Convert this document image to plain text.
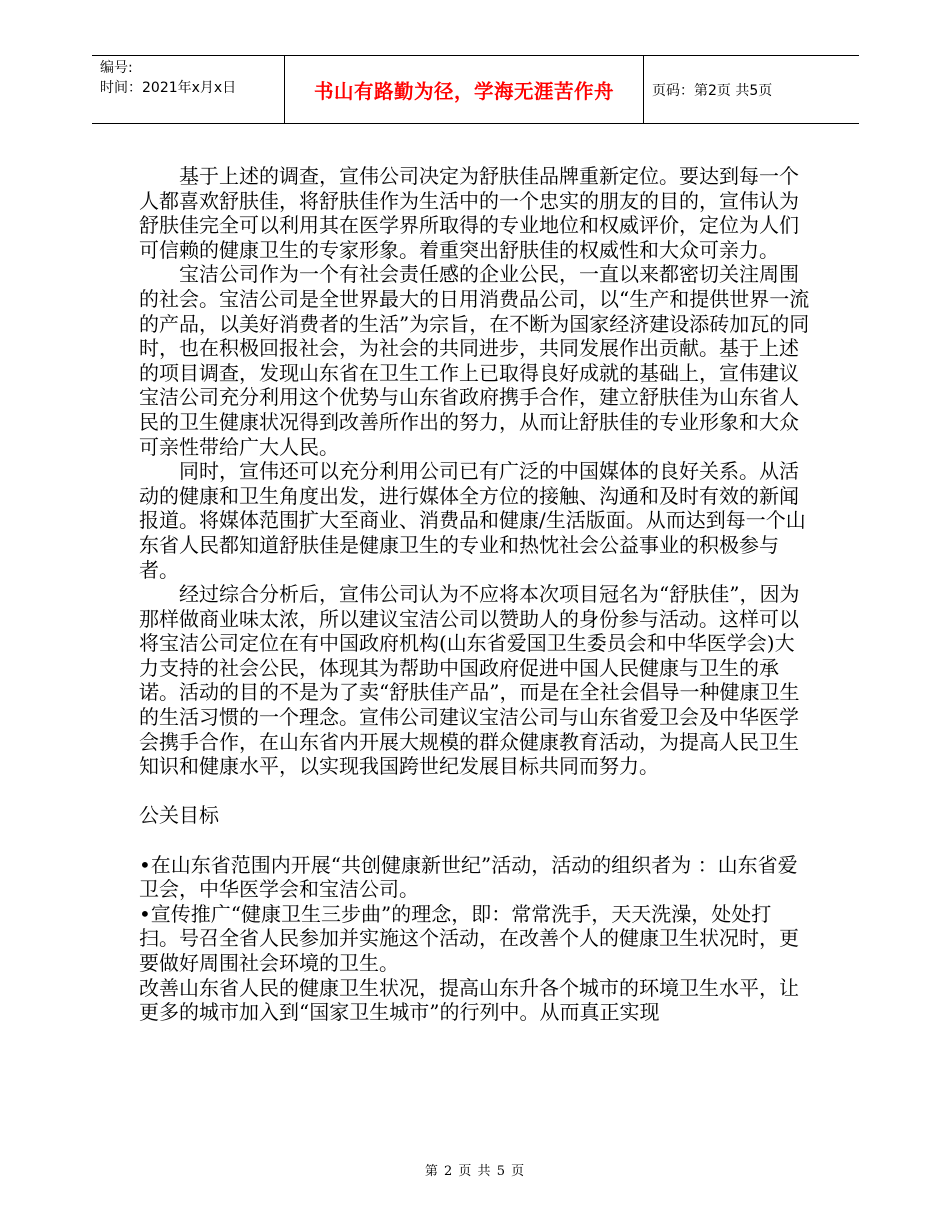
编号:
时间：2021年x月x日	书山有路勤为径，学海无涯苦作舟	页码：第2页 共5页

基于上述的调查，宣伟公司决定为舒肤佳品牌重新定位。要达到每一个人都喜欢舒肤佳，将舒肤佳作为生活中的一个忠实的朋友的目的，宣伟认为舒肤佳完全可以利用其在医学界所取得的专业地位和权威评价，定位为人们可信赖的健康卫生的专家形象。着重突出舒肤佳的权威性和大众可亲力。

宝洁公司作为一个有社会责任感的企业公民，一直以来都密切关注周围的社会。宝洁公司是全世界最大的日用消费品公司，以“生产和提供世界一流的产品，以美好消费者的生活”为宗旨，在不断为国家经济建设添砖加瓦的同时，也在积极回报社会，为社会的共同进步，共同发展作出贡献。基于上述的项目调查，发现山东省在卫生工作上已取得良好成就的基础上，宣伟建议宝洁公司充分利用这个优势与山东省政府携手合作，建立舒肤佳为山东省人民的卫生健康状况得到改善所作出的努力，从而让舒肤佳的专业形象和大众可亲性带给广大人民。

同时，宣伟还可以充分利用公司已有广泛的中国媒体的良好关系。从活动的健康和卫生角度出发，进行媒体全方位的接触、沟通和及时有效的新闻报道。将媒体范围扩大至商业、消费品和健康/生活版面。从而达到每一个山东省人民都知道舒肤佳是健康卫生的专业和热忱社会公益事业的积极参与者。

经过综合分析后，宣伟公司认为不应将本次项目冠名为“舒肤佳”，因为那样做商业味太浓，所以建议宝洁公司以赞助人的身份参与活动。这样可以将宝洁公司定位在有中国政府机构(山东省爱国卫生委员会和中华医学会)大力支持的社会公民，体现其为帮助中国政府促进中国人民健康与卫生的承诺。活动的目的不是为了卖“舒肤佳产品”，而是在全社会倡导一种健康卫生的生活习惯的一个理念。宣伟公司建议宝洁公司与山东省爱卫会及中华医学会携手合作，在山东省内开展大规模的群众健康教育活动，为提高人民卫生知识和健康水平，以实现我国跨世纪发展目标共同而努力。

公关目标

•在山东省范围内开展“共创健康新世纪”活动，活动的组织者为 ：山东省爱卫会，中华医学会和宝洁公司。

•宣传推广“健康卫生三步曲”的理念，即：常常洗手，天天洗澡，处处打扫。号召全省人民参加并实施这个活动，在改善个人的健康卫生状况时，更要做好周围社会环境的卫生。

改善山东省人民的健康卫生状况，提高山东升各个城市的环境卫生水平，让更多的城市加入到“国家卫生城市”的行列中。从而真正实现

第 2 页 共 5 页
